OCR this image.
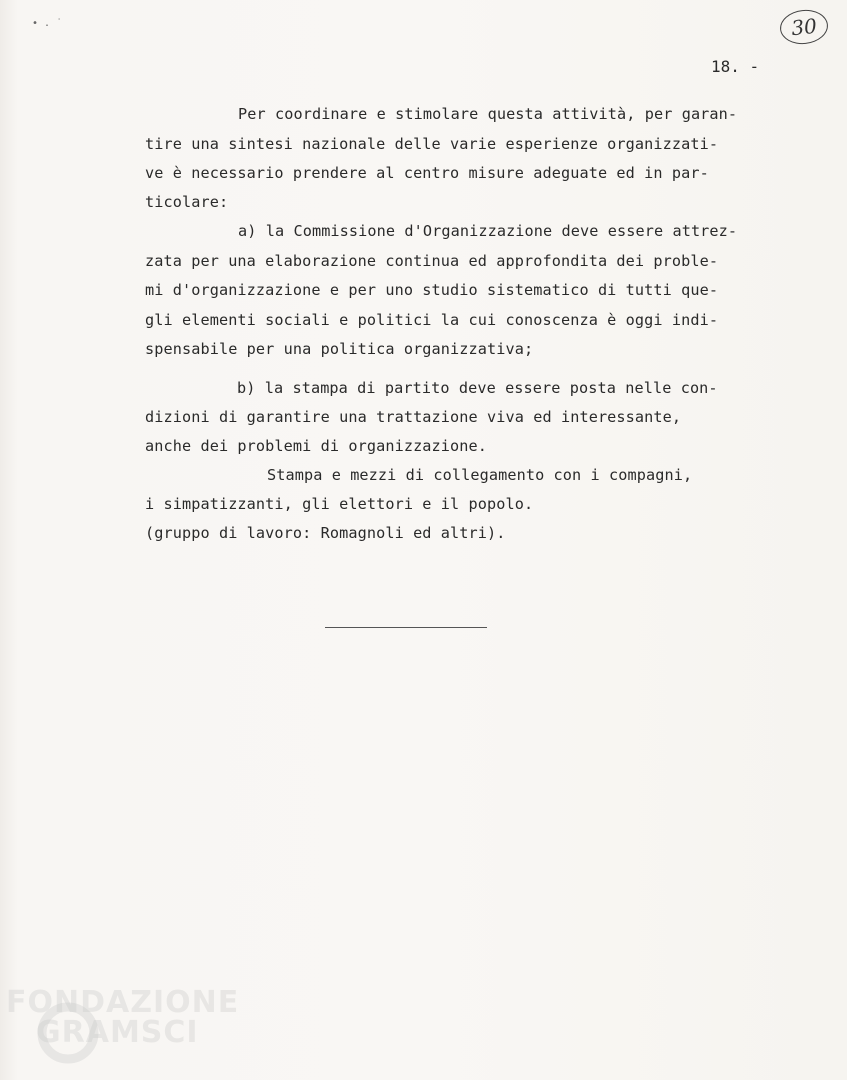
• . ˙	30
18. -
Per coordinare e stimolare questa attività, per garan-
tire una sintesi nazionale delle varie esperienze organizzati-
ve è necessario prendere al centro misure adeguate ed in par-
ticolare:
a) la Commissione d'Organizzazione deve essere attrez-
zata per una elaborazione continua ed approfondita dei proble-
mi d'organizzazione e per uno studio sistematico di tutti que-
gli elementi sociali e politici la cui conoscenza è oggi indi-
spensabile per una politica organizzativa;
b) la stampa di partito deve essere posta nelle con-
dizioni di garantire una trattazione viva ed interessante,
anche dei problemi di organizzazione.
Stampa e mezzi di collegamento con i compagni,
i simpatizzanti, gli elettori e il popolo.
(gruppo di lavoro: Romagnoli ed altri).
FONDAZIONE
GRAMSCI
